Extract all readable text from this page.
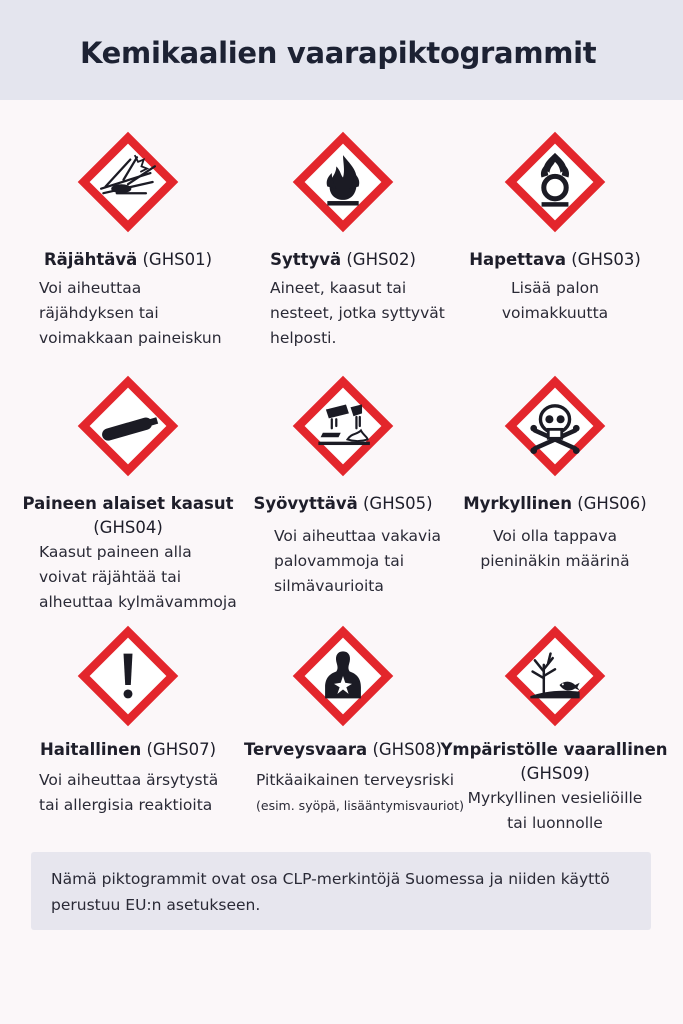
Kemikaalien vaarapiktogrammit
Räjähtävä (GHS01)
Voi aiheuttaa
räjähdyksen tai
voimakkaan paineiskun
Syttyvä (GHS02)
Aineet, kaasut tai
nesteet, jotka syttyvät
helposti.
Hapettava (GHS03)
Lisää palon
voimakkuutta
Paineen alaiset kaasut
(GHS04)
Kaasut paineen alla
voivat räjähtää tai
alheuttaa kylmävammoja
Syövyttävä (GHS05)
Voi aiheuttaa vakavia
palovammoja tai
silmävaurioita
Myrkyllinen (GHS06)
Voi olla tappava
pieninäkin määrinä
Haitallinen (GHS07)
Voi aiheuttaa ärsytystä
tai allergisia reaktioita
Terveysvaara (GHS08)
Pitkäaikainen terveysriski
(esim. syöpä, lisääntymisvauriot)
Ympäristölle vaarallinen
(GHS09)
Myrkyllinen vesieliöille
tai luonnolle
Nämä piktogrammit ovat osa CLP-merkintöjä Suomessa ja niiden käyttö
perustuu EU:n asetukseen.
